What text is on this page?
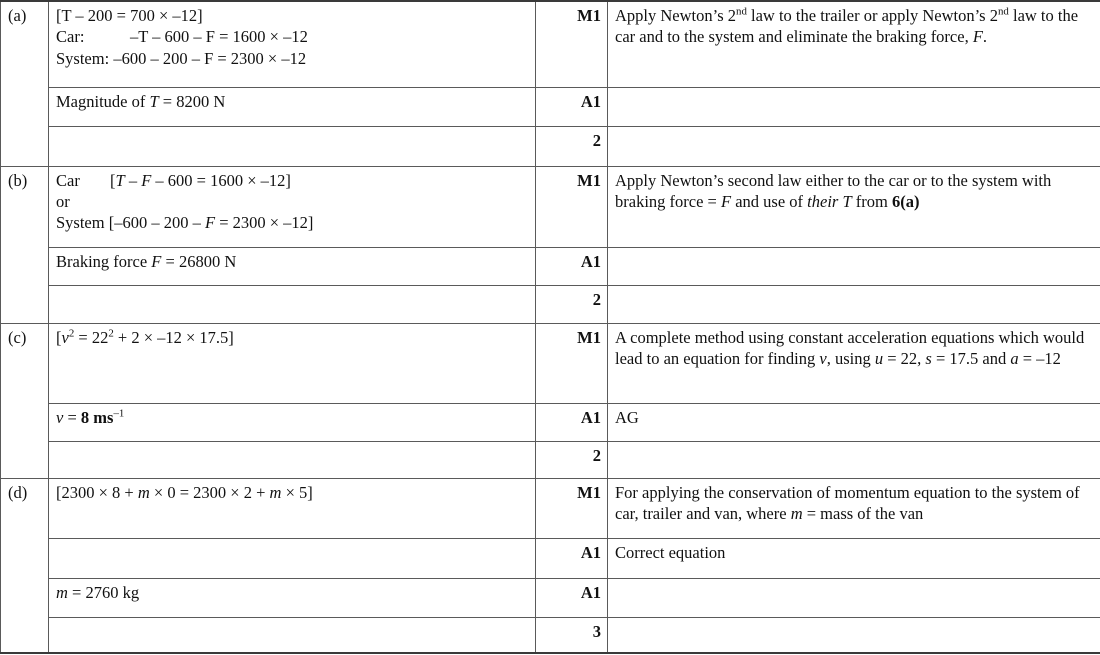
(a)	[T – 200 = 700 × –12]
Car: –T – 600 – F = 1600 × –12
System: –600 – 200 – F = 2300 × –12	M1	Apply Newton’s 2nd law to the trailer or apply Newton’s 2nd law to the car and to the system and eliminate the braking force, F.
	Magnitude of T = 8200 N	A1	
		2	
(b)	Car [T – F – 600 = 1600 × –12]
or
System [–600 – 200 – F = 2300 × –12]	M1	Apply Newton’s second law either to the car or to the system with braking force = F and use of their T from 6(a)
	Braking force F = 26800 N	A1	
		2	
(c)	$[v^2 = 22^2 + 2 \times -12 \times 17.5]$	M1	A complete method using constant acceleration equations which would lead to an equation for finding v, using u = 22, s = 17.5 and a = –12
	v = 8 $ms^{-1}$	A1	AG
		2	
(d)	[2300 × 8 + m × 0 = 2300 × 2 + m × 5]	M1	For applying the conservation of momentum equation to the system of car, trailer and van, where m = mass of the van
		A1	Correct equation
	m = 2760 kg	A1	
		3	
